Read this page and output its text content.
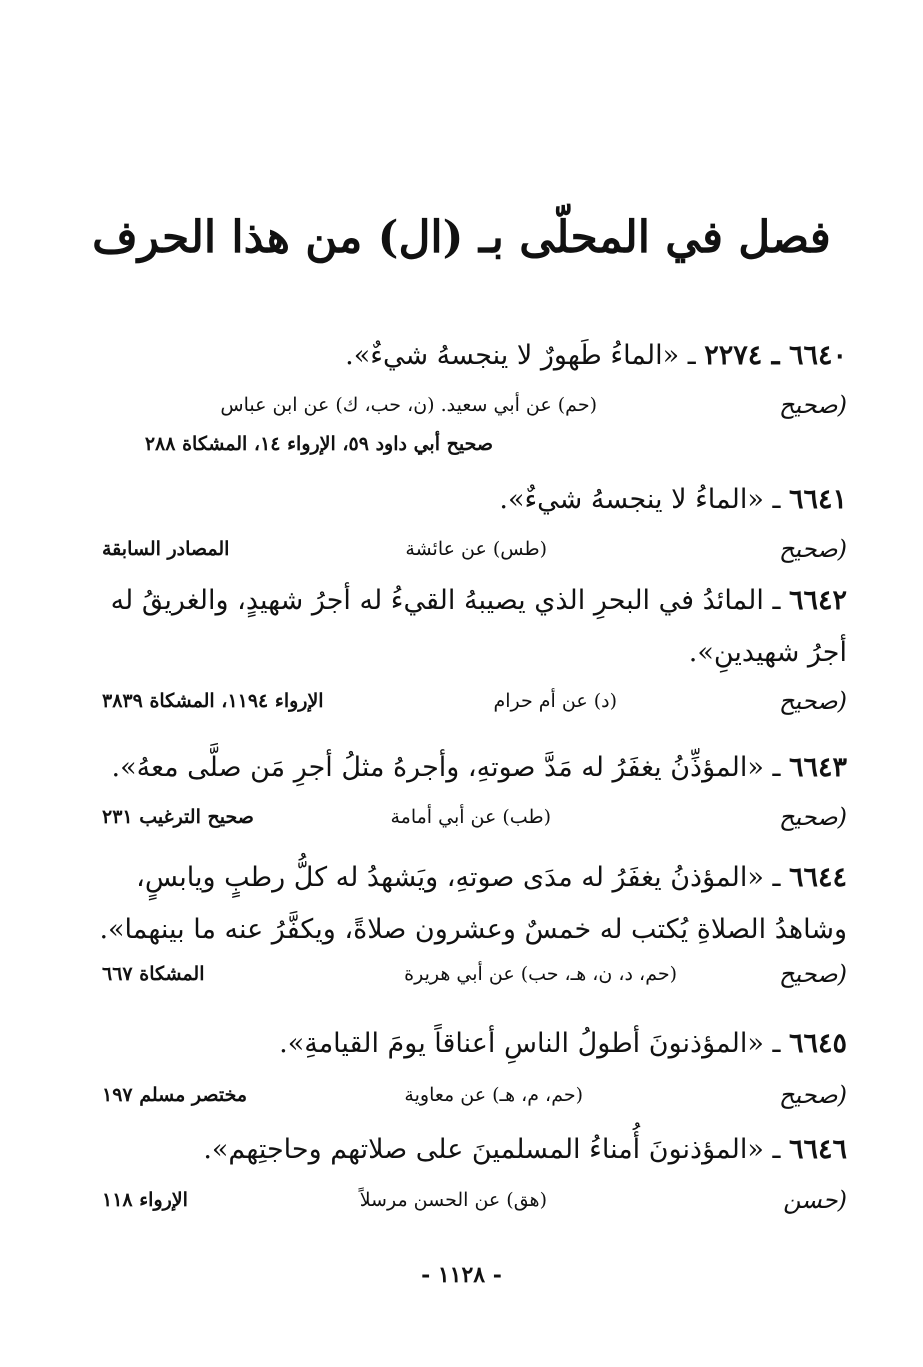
فصل في المحلّى بـ (ال) من هذا الحرف
٦٦٤٠ ـ ٢٢٧٤ ـ «الماءُ طَهورٌ لا ينجسهُ شيءٌ».
(صحيح
(حم) عن أبي سعيد. (ن، حب، ك) عن ابن عباس
صحيح أبي داود ٥٩، الإرواء ١٤، المشكاة ٢٨٨
٦٦٤١ ـ «الماءُ لا ينجسهُ شيءٌ».
(صحيح
(طس) عن عائشة
المصادر السابقة
٦٦٤٢ ـ المائدُ في البحرِ الذي يصيبهُ القيءُ له أجرُ شهيدٍ، والغريقُ له أجرُ شهيدينِ».
(صحيح
(د) عن أم حرام
الإرواء ١١٩٤، المشكاة ٣٨٣٩
٦٦٤٣ ـ «المؤذِّنُ يغفَرُ له مَدَّ صوتهِ، وأجرهُ مثلُ أجرِ مَن صلَّى معهُ».
(صحيح
(طب) عن أبي أمامة
صحيح الترغيب ٢٣١
٦٦٤٤ ـ «المؤذنُ يغفَرُ له مدَى صوتهِ، ويَشهدُ له كلُّ رطبٍ ويابسٍ، وشاهدُ الصلاةِ يُكتب له خمسٌ وعشرون صلاةً، ويكفَّرُ عنه ما بينهما».
(صحيح
(حم، د، ن، هـ، حب) عن أبي هريرة
المشكاة ٦٦٧
٦٦٤٥ ـ «المؤذنونَ أطولُ الناسِ أعناقاً يومَ القيامةِ».
(صحيح
(حم، م، هـ) عن معاوية
مختصر مسلم ١٩٧
٦٦٤٦ ـ «المؤذنونَ أُمناءُ المسلمينَ على صلاتهم وحاجتِهم».
(حسن
(هق) عن الحسن مرسلاً
الإرواء ١١٨
- ١١٢٨ -
